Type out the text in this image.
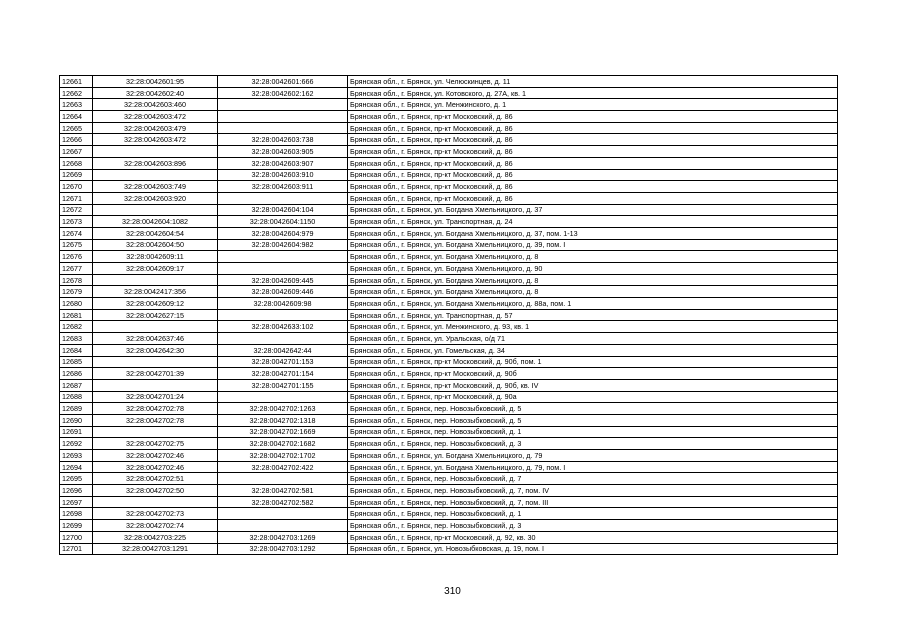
12661	32:28:0042601:95	32:28:0042601:666	Брянская обл., г. Брянск, ул. Челюскинцев, д. 11
12662	32:28:0042602:40	32:28:0042602:162	Брянская обл., г. Брянск, ул. Котовского, д. 27А, кв. 1
12663	32:28:0042603:460		Брянская обл., г. Брянск, ул. Менжинского, д. 1
12664	32:28:0042603:472		Брянская обл., г. Брянск, пр-кт Московский, д. 86
12665	32:28:0042603:479		Брянская обл., г. Брянск, пр-кт Московский, д. 86
12666	32:28:0042603:472	32:28:0042603:738	Брянская обл., г. Брянск, пр-кт Московский, д. 86
12667		32:28:0042603:905	Брянская обл., г. Брянск, пр-кт Московский, д. 86
12668	32:28:0042603:896	32:28:0042603:907	Брянская обл., г. Брянск, пр-кт Московский, д. 86
12669		32:28:0042603:910	Брянская обл., г. Брянск, пр-кт Московский, д. 86
12670	32:28:0042603:749	32:28:0042603:911	Брянская обл., г. Брянск, пр-кт Московский, д. 86
12671	32:28:0042603:920		Брянская обл., г. Брянск, пр-кт Московский, д. 86
12672		32:28:0042604:104	Брянская обл., г. Брянск, ул. Богдана Хмельницкого, д. 37
12673	32:28:0042604:1082	32:28:0042604:1150	Брянская обл., г. Брянск, ул. Транспортная, д. 24
12674	32:28:0042604:54	32:28:0042604:979	Брянская обл., г. Брянск, ул. Богдана Хмельницкого, д. 37, пом. 1-13
12675	32:28:0042604:50	32:28:0042604:982	Брянская обл., г. Брянск, ул. Богдана Хмельницкого, д. 39, пом. I
12676	32:28:0042609:11		Брянская обл., г. Брянск, ул. Богдана Хмельницкого, д. 8
12677	32:28:0042609:17		Брянская обл., г. Брянск, ул. Богдана Хмельницкого, д. 90
12678		32:28:0042609:445	Брянская обл., г. Брянск, ул. Богдана Хмельницкого, д. 8
12679	32:28:0042417:356	32:28:0042609:446	Брянская обл., г. Брянск, ул. Богдана Хмельницкого, д. 8
12680	32:28:0042609:12	32:28:0042609:98	Брянская обл., г. Брянск, ул. Богдана Хмельницкого, д. 88а, пом. 1
12681	32:28:0042627:15		Брянская обл., г. Брянск, ул. Транспортная, д. 57
12682		32:28:0042633:102	Брянская обл., г. Брянск, ул. Менжинского, д. 93, кв. 1
12683	32:28:0042637:46		Брянская обл., г. Брянск, ул. Уральская, о/д 71
12684	32:28:0042642:30	32:28:0042642:44	Брянская обл., г. Брянск, ул. Гомельская, д. 34
12685		32:28:0042701:153	Брянская обл., г. Брянск, пр-кт Московский, д. 90б, пом. 1
12686	32:28:0042701:39	32:28:0042701:154	Брянская обл., г. Брянск, пр-кт Московский, д. 90б
12687		32:28:0042701:155	Брянская обл., г. Брянск, пр-кт Московский, д. 90б, кв. IV
12688	32:28:0042701:24		Брянская обл., г. Брянск, пр-кт Московский, д. 90а
12689	32:28:0042702:78	32:28:0042702:1263	Брянская обл., г. Брянск, пер. Новозыбковский, д. 5
12690	32:28:0042702:78	32:28:0042702:1318	Брянская обл., г. Брянск, пер. Новозыбковский, д. 5
12691		32:28:0042702:1669	Брянская обл., г. Брянск, пер. Новозыбковский, д. 1
12692	32:28:0042702:75	32:28:0042702:1682	Брянская обл., г. Брянск, пер. Новозыбковский, д. 3
12693	32:28:0042702:46	32:28:0042702:1702	Брянская обл., г. Брянск, ул. Богдана Хмельницкого, д. 79
12694	32:28:0042702:46	32:28:0042702:422	Брянская обл., г. Брянск, ул. Богдана Хмельницкого, д. 79, пом. I
12695	32:28:0042702:51		Брянская обл., г. Брянск, пер. Новозыбковский, д. 7
12696	32:28:0042702:50	32:28:0042702:581	Брянская обл., г. Брянск, пер. Новозыбковский, д. 7, пом. IV
12697		32:28:0042702:582	Брянская обл., г. Брянск, пер. Новозыбковский, д. 7, пом. III
12698	32:28:0042702:73		Брянская обл., г. Брянск, пер. Новозыбковский, д. 1
12699	32:28:0042702:74		Брянская обл., г. Брянск, пер. Новозыбковский, д. 3
12700	32:28:0042703:225	32:28:0042703:1269	Брянская обл., г. Брянск, пр-кт Московский, д. 92, кв. 30
12701	32:28:0042703:1291	32:28:0042703:1292	Брянская обл., г. Брянск, ул. Новозыбковская, д. 19, пом. I
310
